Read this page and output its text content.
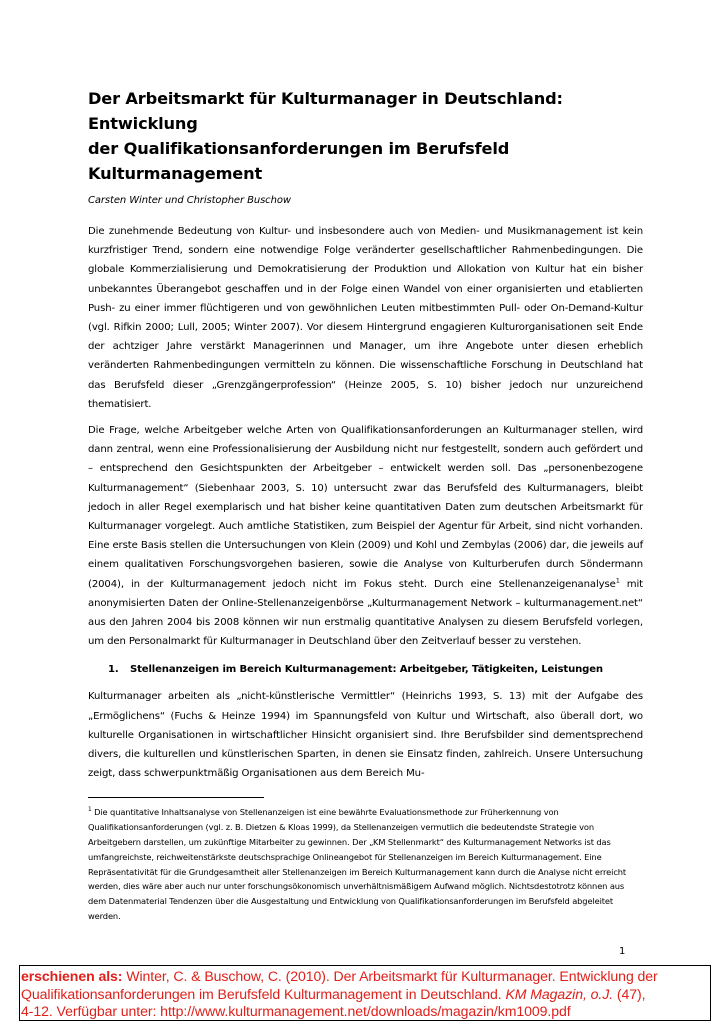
Der Arbeitsmarkt für Kulturmanager in Deutschland: Entwicklung
der Qualifikationsanforderungen im Berufsfeld Kulturmanagement

Carsten Winter und Christopher Buschow

Die zunehmende Bedeutung von Kultur- und insbesondere auch von Medien- und Musikmanagement ist kein kurzfristiger Trend, sondern eine notwendige Folge veränderter gesellschaftlicher Rahmenbedingungen. Die globale Kommerzialisierung und Demokratisierung der Produktion und Allokation von Kultur hat ein bisher unbekanntes Überangebot geschaffen und in der Folge einen Wandel von einer organisierten und etablierten Push- zu einer immer flüchtigeren und von gewöhnlichen Leuten mitbestimmten Pull- oder On-Demand-Kultur (vgl. Rifkin 2000; Lull, 2005; Winter 2007). Vor diesem Hintergrund engagieren Kulturorganisationen seit Ende der achtziger Jahre verstärkt Managerinnen und Manager, um ihre Angebote unter diesen erheblich veränderten Rahmenbedingungen vermitteln zu können. Die wissenschaftliche Forschung in Deutschland hat das Berufsfeld dieser „Grenzgängerprofession“ (Heinze 2005, S. 10) bisher jedoch nur unzureichend thematisiert.

Die Frage, welche Arbeitgeber welche Arten von Qualifikationsanforderungen an Kulturmanager stellen, wird dann zentral, wenn eine Professionalisierung der Ausbildung nicht nur festgestellt, sondern auch gefördert und – entsprechend den Gesichtspunkten der Arbeitgeber – entwickelt werden soll. Das „personenbezogene Kulturmanagement“ (Siebenhaar 2003, S. 10) untersucht zwar das Berufsfeld des Kulturmanagers, bleibt jedoch in aller Regel exemplarisch und hat bisher keine quantitativen Daten zum deutschen Arbeitsmarkt für Kulturmanager vorgelegt. Auch amtliche Statistiken, zum Beispiel der Agentur für Arbeit, sind nicht vorhanden. Eine erste Basis stellen die Untersuchungen von Klein (2009) und Kohl und Zembylas (2006) dar, die jeweils auf einem qualitativen Forschungsvorgehen basieren, sowie die Analyse von Kulturberufen durch Söndermann (2004), in der Kulturmanagement jedoch nicht im Fokus steht. Durch eine Stellenanzeigenanalyse$^1$ mit anonymisierten Daten der Online-Stellenanzeigenbörse „Kulturmanagement Network – kulturmanagement.net“ aus den Jahren 2004 bis 2008 können wir nun erstmalig quantitative Analysen zu diesem Berufsfeld vorlegen, um den Personalmarkt für Kulturmanager in Deutschland über den Zeitverlauf besser zu verstehen.

1. Stellenanzeigen im Bereich Kulturmanagement: Arbeitgeber, Tätigkeiten, Leistungen

Kulturmanager arbeiten als „nicht-künstlerische Vermittler“ (Heinrichs 1993, S. 13) mit der Aufgabe des „Ermöglichens“ (Fuchs & Heinze 1994) im Spannungsfeld von Kultur und Wirtschaft, also überall dort, wo kulturelle Organisationen in wirtschaftlicher Hinsicht organisiert sind. Ihre Berufsbilder sind dementsprechend divers, die kulturellen und künstlerischen Sparten, in denen sie Einsatz finden, zahlreich. Unsere Untersuchung zeigt, dass schwerpunktmäßig Organisationen aus dem Bereich Mu-

$^1$ Die quantitative Inhaltsanalyse von Stellenanzeigen ist eine bewährte Evaluationsmethode zur Früherkennung von Qualifikationsanforderungen (vgl. z. B. Dietzen & Kloas 1999), da Stellenanzeigen vermutlich die bedeutendste Strategie von Arbeitgebern darstellen, um zukünftige Mitarbeiter zu gewinnen. Der „KM Stellenmarkt“ des Kulturmanagement Networks ist das umfangreichste, reichweitenstärkste deutschsprachige Onlineangebot für Stellenanzeigen im Bereich Kulturmanagement. Eine Repräsentativität für die Grundgesamtheit aller Stellenanzeigen im Bereich Kulturmanagement kann durch die Analyse nicht erreicht werden, dies wäre aber auch nur unter forschungsökonomisch unverhältnismäßigem Aufwand möglich. Nichtsdestotrotz können aus dem Datenmaterial Tendenzen über die Ausgestaltung und Entwicklung von Qualifikationsanforderungen im Berufsfeld abgeleitet werden.

1
erschienen als: Winter, C. & Buschow, C. (2010). Der Arbeitsmarkt für Kulturmanager. Entwicklung der
Qualifikationsanforderungen im Berufsfeld Kulturmanagement in Deutschland. KM Magazin, o.J. (47),
4-12. Verfügbar unter: http://www.kulturmanagement.net/downloads/magazin/km1009.pdf
